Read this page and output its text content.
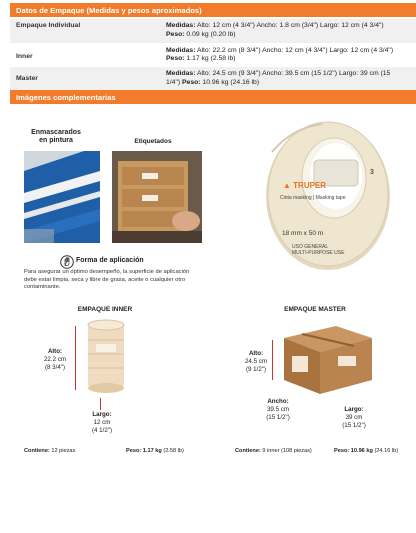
Datos de Empaque (Medidas y pesos aproximados)
Empaque Individual	Medidas: Alto: 12 cm (4 3/4") Ancho: 1.8 cm (3/4") Largo: 12 cm (4 3/4")
Peso: 0.09 kg (0.20 lb)
Inner	Medidas: Alto: 22.2 cm (8 3/4") Ancho: 12 cm (4 3/4") Largo: 12 cm (4 3/4")
Peso: 1.17 kg (2.58 lb)
Master	Medidas: Alto: 24.5 cm (9 3/4") Ancho: 39.5 cm (15 1/2") Largo: 39 cm (15
1/4") Peso: 10.96 kg (24.16 lb)
Imágenes complementarias
Enmascarados
en pintura	Etiquetados
▲ TRUPER
Cinta masking | Masking tape
18 mm x 50 m
USO GENERAL
MULTI-PURPOSE USE
3
Forma de aplicación
Para asegurar un óptimo desempeño, la superficie de aplicación
debe estar limpia, seca y libre de grasa, aceite o cualquier otro
contaminante.
EMPAQUE INNER
Alto:
22.2 cm
(8 3/4")
Largo:
12 cm
(4 1/2")
EMPAQUE MASTER
Alto:
24.5 cm
(9 1/2")
Ancho:
39.5 cm
(15 1/2")
Largo:
39 cm
(15 1/2")
Contiene: 12 piezas	Peso: 1.17 kg (2.58 lb)	Contiene: 9 inner (108 piezas)	Peso: 10.96 kg (24.16 lb)
